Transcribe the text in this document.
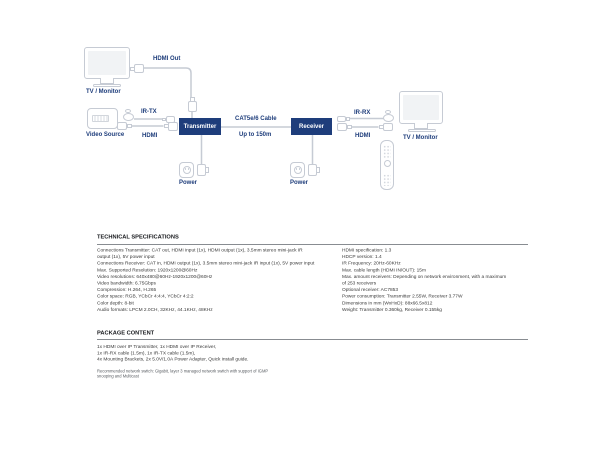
TV / Monitor
HDMI Out
Video Source
IR-TX
HDMI
Transmitter
CAT5e/6 Cable
Up to 150m
Receiver
Power	Power
IR-RX
HDMI	TV / Monitor
TECHNICAL SPECIFICATIONS
Connections Transmitter: CAT out, HDMI input (1x), HDMI output (1x), 3.5mm stereo mini-jack IR
output (1x), 5V power input
Connections Receiver: CAT in, HDMI output (1x), 3.5mm stereo mini-jack IR input (1x), 5V power input
Max. Supported Resolution: 1920x1200@60Hz
Video resolutions: 640x480@60Hz-1920x1200@60Hz
Video bandwidth: 6.75Gbps
Compression: H.264, H.265
Color space: RGB, YCbCr 4:4:4, YCbCr 4:2:2
Color depth: 8-bit
Audio formats: LPCM 2.0CH, 32KHz, 44.1KHz, 48KHz
HDMI specification: 1.3
HDCP version: 1.4
IR Frequency: 20Hz-60KHz
Max. cable length (HDMI IN/OUT): 15m
Max. amount receivers: Depending on network environment, with a maximum
of 253 receivers
Optional receiver: AC7853
Power consumption: Transmitter 2.55W, Receiver 3.77W
Dimensions in mm (WxHxD): 88x66.5x812
Weight: Transmitter 0.360kg, Receiver 0.155kg
PACKAGE CONTENT
1x HDMI over IP Transmitter, 1x HDMI over IP Receiver,
1x IR-RX cable (1.5m), 1x IR-TX cable (1.5m),
4x Mounting Brackets, 2x 5.0V/1.0A Power Adapter, Quick install guide.
Recommended network switch: Gigabit, layer 3 managed network switch with support of IGMP
snooping and Multicast
